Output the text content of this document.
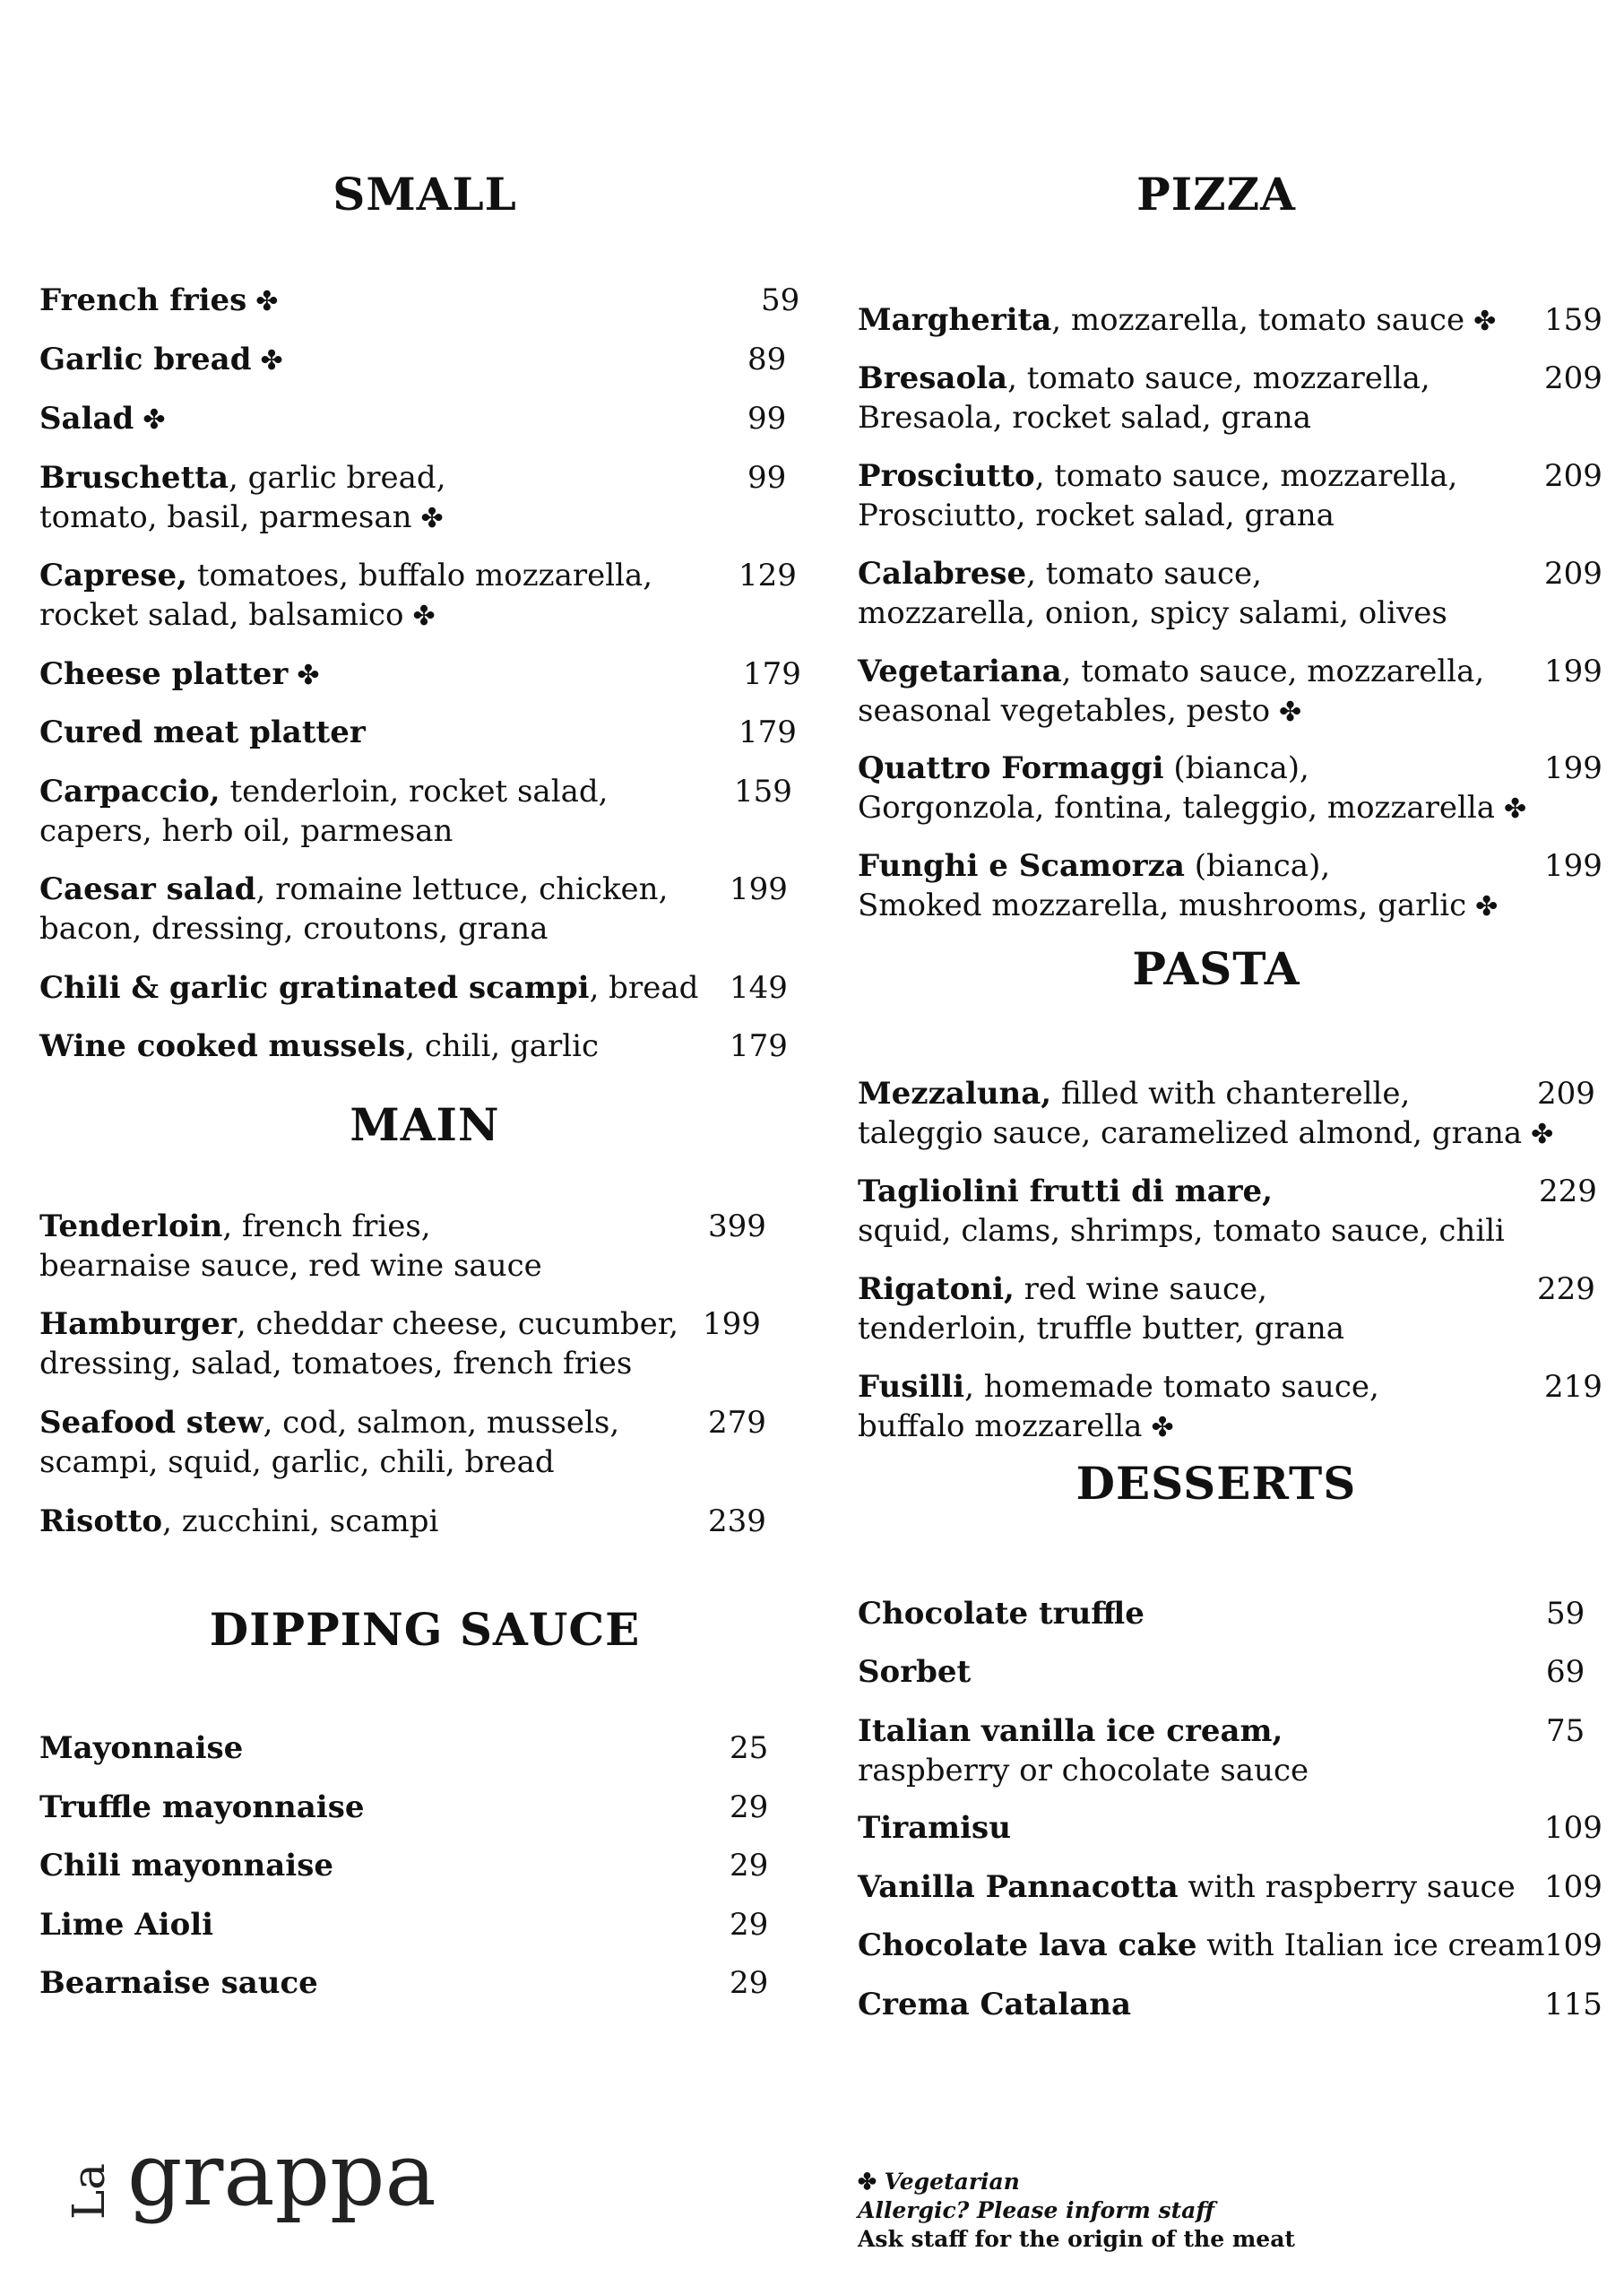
SMALL
French fries ✤	59
Garlic bread ✤	89
Salad ✤	99
Bruschetta, garlic bread,
tomato, basil, parmesan ✤
99
Caprese, tomatoes, buffalo mozzarella,
rocket salad, balsamico ✤
129
Cheese platter ✤	179
Cured meat platter	179
Carpaccio, tenderloin, rocket salad,
capers, herb oil, parmesan
159
Caesar salad, romaine lettuce, chicken,
bacon, dressing, croutons, grana
199
Chili & garlic gratinated scampi, bread 149
Wine cooked mussels, chili, garlic	179
MAIN
Tenderloin, french fries,
bearnaise sauce, red wine sauce
399
Hamburger, cheddar cheese, cucumber,
dressing, salad, tomatoes, french fries
199
Seafood stew, cod, salmon, mussels,
scampi, squid, garlic, chili, bread
279
Risotto, zucchini, scampi	239
DIPPING SAUCE
Mayonnaise	25
Truffle mayonnaise	29
Chili mayonnaise	29
Lime Aioli	29
Bearnaise sauce	29
PIZZA
Margherita, mozzarella, tomato sauce ✤ 159
Bresaola, tomato sauce, mozzarella,
Bresaola, rocket salad, grana
209
Prosciutto, tomato sauce, mozzarella,
Prosciutto, rocket salad, grana
209
Calabrese, tomato sauce,
mozzarella, onion, spicy salami, olives
209
Vegetariana, tomato sauce, mozzarella,
seasonal vegetables, pesto ✤
199
Quattro Formaggi (bianca),
Gorgonzola, fontina, taleggio, mozzarella ✤
199
Funghi e Scamorza (bianca),
Smoked mozzarella, mushrooms, garlic ✤
199
PASTA
Mezzaluna, filled with chanterelle,
taleggio sauce, caramelized almond, grana ✤
209
Tagliolini frutti di mare,
squid, clams, shrimps, tomato sauce, chili
229
Rigatoni, red wine sauce,
tenderloin, truffle butter, grana
229
Fusilli, homemade tomato sauce,
buffalo mozzarella ✤
219
DESSERTS
Chocolate truffle	59
Sorbet	69
Italian vanilla ice cream,
raspberry or chocolate sauce
75
Tiramisu	109
Vanilla Pannacotta with raspberry sauce 109
Chocolate lava cake with Italian ice cream 109
Crema Catalana	115
La grappa	✤ Vegetarian
Allergic? Please inform staff
Ask staff for the origin of the meat
